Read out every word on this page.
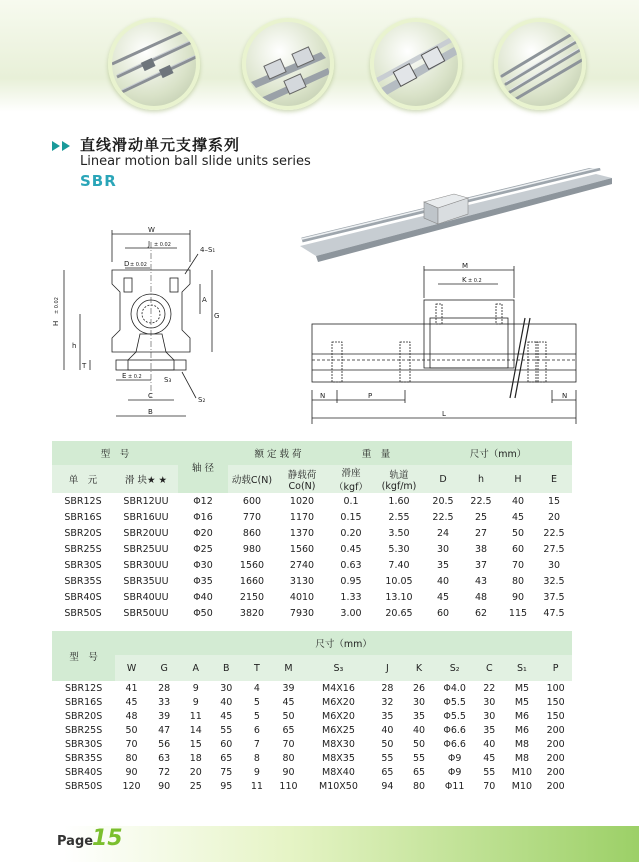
直线滑动单元支撑系列
Linear motion ball slide units series
SBR
W
J ± 0.02
D ± 0.02
4–S₁
A
G
H
± 0.02
h
T
E ± 0.2	S₃
C
B
S₂
M
K ± 0.2
N	P	N
L
型　号		轴 径	额 定 载 荷		重　量		尺寸（mm）			
单　元	滑 块★ ★		动载C(N)	静载荷Co(N)	滑座（kgf）	轨道(kgf/m)	D	h	H	E
SBR12S	SBR12UU	Φ12	600	1020	0.1	1.60	20.5	22.5	40	15
SBR16S	SBR16UU	Φ16	770	1170	0.15	2.55	22.5	25	45	20
SBR20S	SBR20UU	Φ20	860	1370	0.20	3.50	24	27	50	22.5
SBR25S	SBR25UU	Φ25	980	1560	0.45	5.30	30	38	60	27.5
SBR30S	SBR30UU	Φ30	1560	2740	0.63	7.40	35	37	70	30
SBR35S	SBR35UU	Φ35	1660	3130	0.95	10.05	40	43	80	32.5
SBR40S	SBR40UU	Φ40	2150	4010	1.33	13.10	45	48	90	37.5
SBR50S	SBR50UU	Φ50	3820	7930	3.00	20.65	60	62	115	47.5
型　号	尺寸（mm）												
	W	G	A	B	T	M	S₃	J	K	S₂	C	S₁	P
SBR12S	41	28	9	30	4	39	M4X16	28	26	Φ4.0	22	M5	100
SBR16S	45	33	9	40	5	45	M6X20	32	30	Φ5.5	30	M5	150
SBR20S	48	39	11	45	5	50	M6X20	35	35	Φ5.5	30	M6	150
SBR25S	50	47	14	55	6	65	M6X25	40	40	Φ6.6	35	M6	200
SBR30S	70	56	15	60	7	70	M8X30	50	50	Φ6.6	40	M8	200
SBR35S	80	63	18	65	8	80	M8X35	55	55	Φ9	45	M8	200
SBR40S	90	72	20	75	9	90	M8X40	65	65	Φ9	55	M10	200
SBR50S	120	90	25	95	11	110	M10X50	94	80	Φ11	70	M10	200
Page
15
